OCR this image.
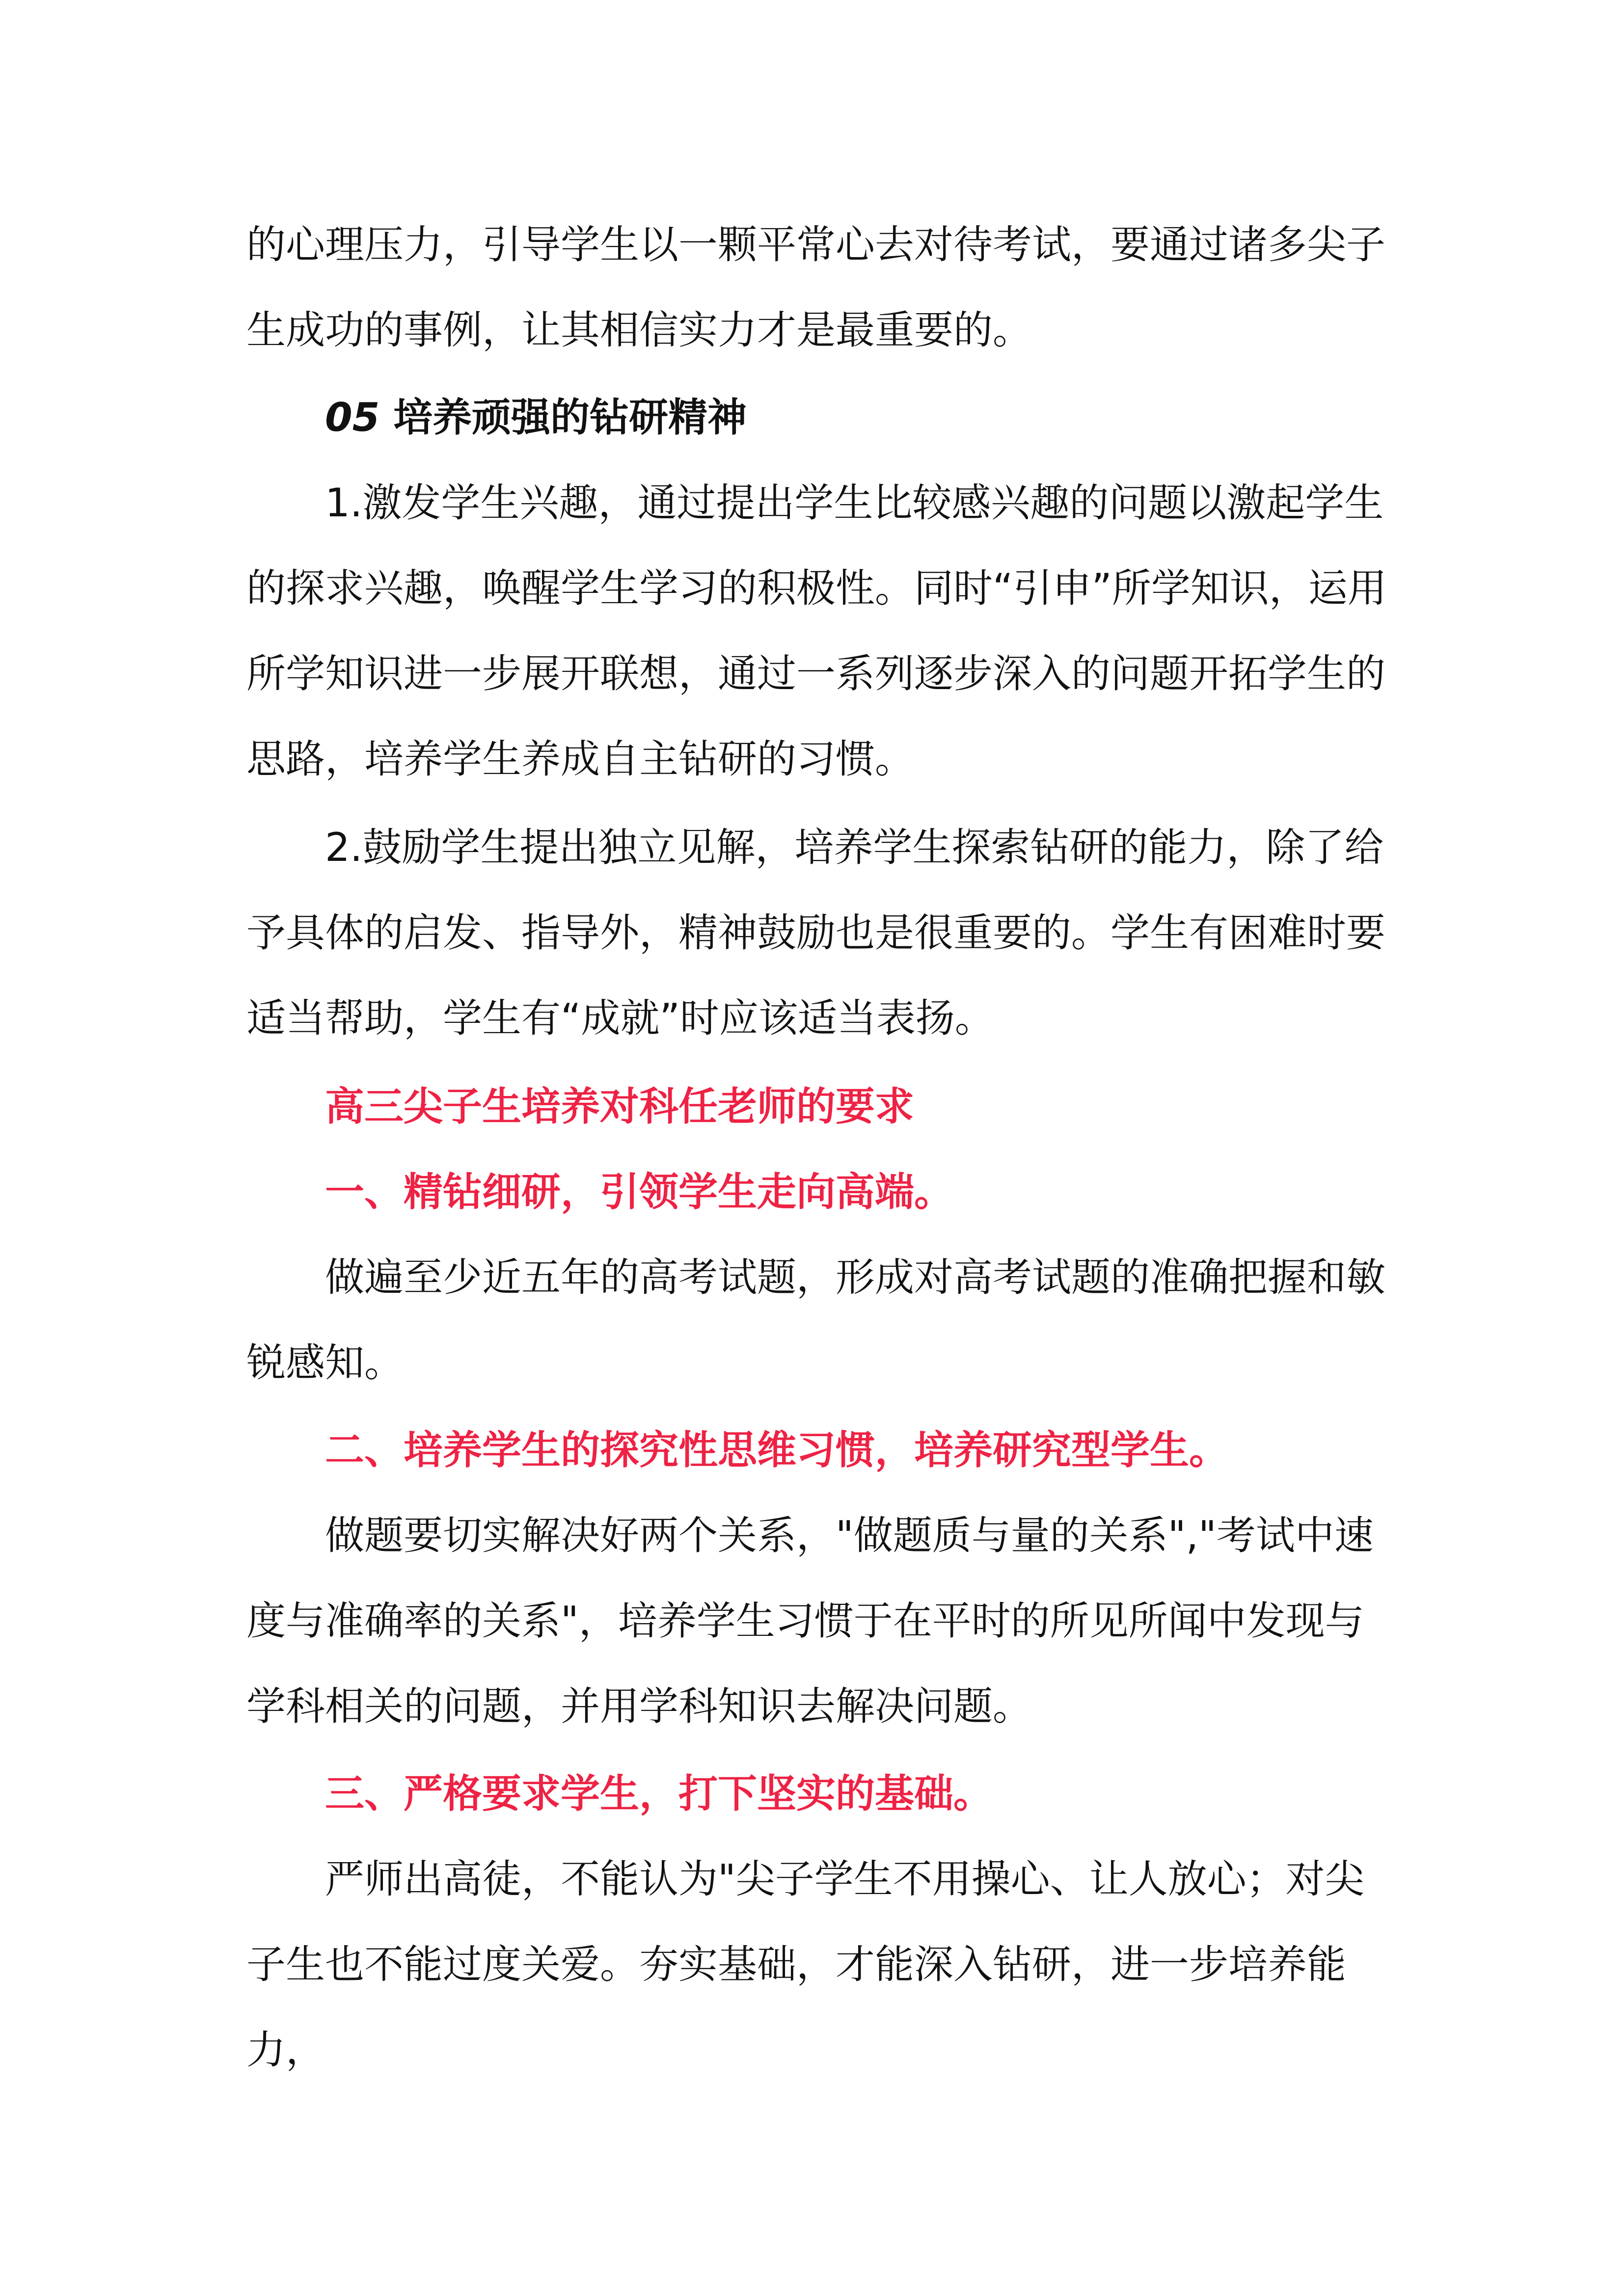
的心理压力，引导学生以一颗平常心去对待考试，要通过诸多尖子生成功的事例，让其相信实力才是最重要的。

05 培养顽强的钻研精神

1.激发学生兴趣，通过提出学生比较感兴趣的问题以激起学生的探求兴趣，唤醒学生学习的积极性。同时“引申”所学知识，运用所学知识进一步展开联想，通过一系列逐步深入的问题开拓学生的思路，培养学生养成自主钻研的习惯。

2.鼓励学生提出独立见解，培养学生探索钻研的能力，除了给予具体的启发、指导外，精神鼓励也是很重要的。学生有困难时要适当帮助，学生有“成就”时应该适当表扬。

高三尖子生培养对科任老师的要求

一、精钻细研，引领学生走向高端。

做遍至少近五年的高考试题，形成对高考试题的准确把握和敏锐感知。

二、培养学生的探究性思维习惯，培养研究型学生。

做题要切实解决好两个关系，"做题质与量的关系","考试中速度与准确率的关系"，培养学生习惯于在平时的所见所闻中发现与学科相关的问题，并用学科知识去解决问题。

三、严格要求学生，打下坚实的基础。

严师出高徒，不能认为"尖子学生不用操心、让人放心；对尖子生也不能过度关爱。夯实基础，才能深入钻研，进一步培养能力，
